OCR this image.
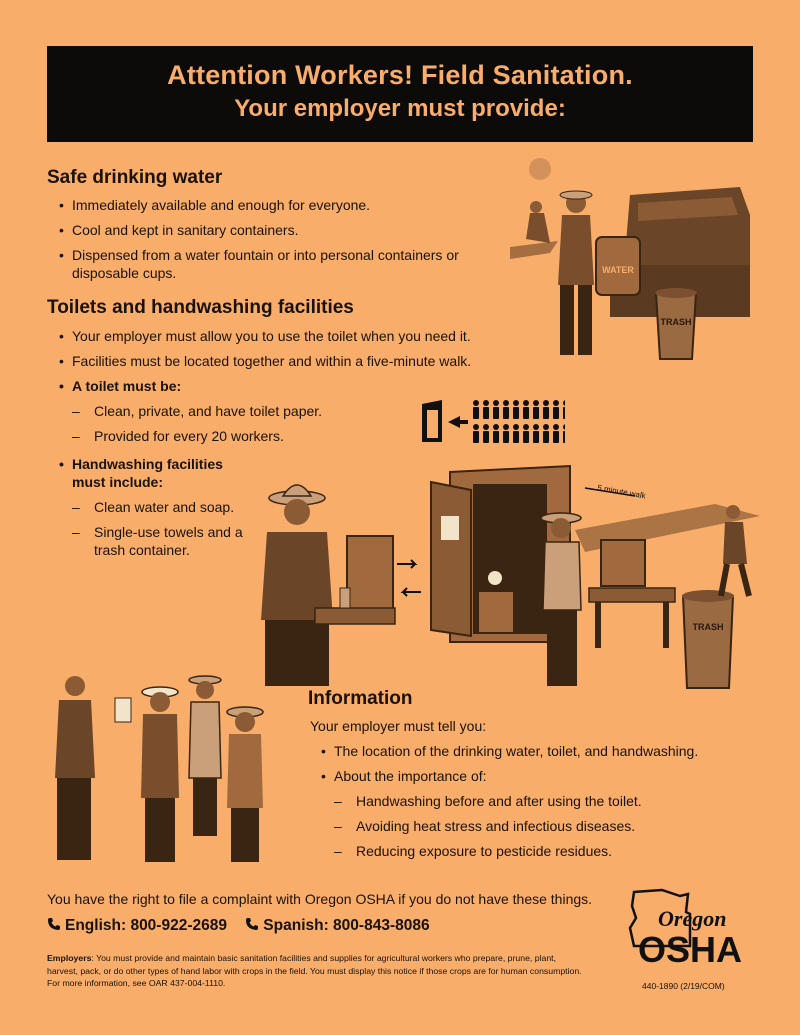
Attention Workers! Field Sanitation.
Your employer must provide:
Safe drinking water
• Immediately available and enough for everyone.
• Cool and kept in sanitary containers.
• Dispensed from a water fountain or into personal containers or disposable cups.
Toilets and handwashing facilities
• Your employer must allow you to use the toilet when you need it.
• Facilities must be located together and within a five-minute walk.
• A toilet must be:
– Clean, private, and have toilet paper.
– Provided for every 20 workers.
• Handwashing facilities must include:
– Clean water and soap.
– Single-use towels and a trash container.
WATER
TRASH
5 minute walk
TRASH
Information
Your employer must tell you:
• The location of the drinking water, toilet, and handwashing.
• About the importance of:
– Handwashing before and after using the toilet.
– Avoiding heat stress and infectious diseases.
– Reducing exposure to pesticide residues.
You have the right to file a complaint with Oregon OSHA if you do not have these things.
English: 800-922-2689 Spanish: 800-843-8086
Employers: You must provide and maintain basic sanitation facilities and supplies for agricultural workers who prepare, prune, plant, harvest, pack, or do other types of hand labor with crops in the field. You must display this notice if those crops are for human consumption. For more information, see OAR 437-004-1110.
Oregon
OSHA
440-1890 (2/19/COM)
